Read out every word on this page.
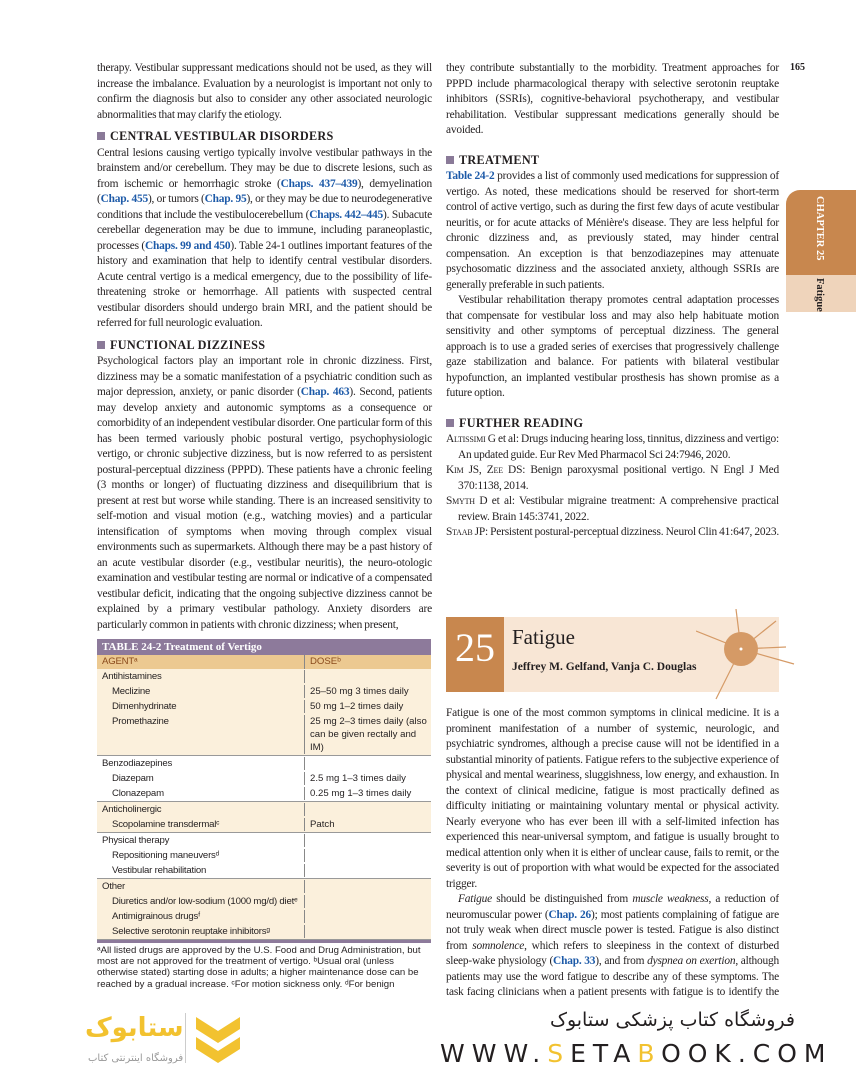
165
CHAPTER 25
Fatigue

therapy. Vestibular suppressant medications should not be used, as they will increase the imbalance. Evaluation by a neurologist is important not only to confirm the diagnosis but also to consider any other associated neurologic abnormalities that may clarify the etiology.

CENTRAL VESTIBULAR DISORDERS

Central lesions causing vertigo typically involve vestibular pathways in the brainstem and/or cerebellum. They may be due to discrete lesions, such as from ischemic or hemorrhagic stroke (Chaps. 437–439), demyelination (Chap. 455), or tumors (Chap. 95), or they may be due to neurodegenerative conditions that include the vestibulocerebellum (Chaps. 442–445). Subacute cerebellar degeneration may be due to immune, including paraneoplastic, processes (Chaps. 99 and 450). Table 24-1 outlines important features of the history and examination that help to identify central vestibular disorders. Acute central vertigo is a medical emergency, due to the possibility of life-threatening stroke or hemorrhage. All patients with suspected central vestibular disorders should undergo brain MRI, and the patient should be referred for full neurologic evaluation.

FUNCTIONAL DIZZINESS

Psychological factors play an important role in chronic dizziness. First, dizziness may be a somatic manifestation of a psychiatric condition such as major depression, anxiety, or panic disorder (Chap. 463). Second, patients may develop anxiety and autonomic symptoms as a consequence or comorbidity of an independent vestibular disorder. One particular form of this has been termed variously phobic postural vertigo, psychophysiologic vertigo, or chronic subjective dizziness, but is now referred to as persistent postural-perceptual dizziness (PPPD). These patients have a chronic feeling (3 months or longer) of fluctuating dizziness and disequilibrium that is present at rest but worse while standing. There is an increased sensitivity to self-motion and visual motion (e.g., watching movies) and a particular intensification of symptoms when moving through complex visual environments such as supermarkets. Although there may be a past history of an acute vestibular disorder (e.g., vestibular neuritis), the neuro-otologic examination and vestibular testing are normal or indicative of a compensated vestibular deficit, indicating that the ongoing subjective dizziness cannot be explained by a primary vestibular pathology. Anxiety disorders are particularly common in patients with chronic dizziness; when present,

they contribute substantially to the morbidity. Treatment approaches for PPPD include pharmacological therapy with selective serotonin reuptake inhibitors (SSRIs), cognitive-behavioral psychotherapy, and vestibular rehabilitation. Vestibular suppressant medications generally should be avoided.

TREATMENT

Table 24-2 provides a list of commonly used medications for suppression of vertigo. As noted, these medications should be reserved for short-term control of active vertigo, such as during the first few days of acute vestibular neuritis, or for acute attacks of Ménière's disease. They are less helpful for chronic dizziness and, as previously stated, may hinder central compensation. An exception is that benzodiazepines may attenuate psychosomatic dizziness and the associated anxiety, although SSRIs are generally preferable in such patients.

Vestibular rehabilitation therapy promotes central adaptation processes that compensate for vestibular loss and may also help habituate motion sensitivity and other symptoms of perceptual dizziness. The general approach is to use a graded series of exercises that progressively challenge gaze stabilization and balance. For patients with bilateral vestibular hypofunction, an implanted vestibular prosthesis has shown promise as a future option.

FURTHER READING

Altissimi G et al: Drugs inducing hearing loss, tinnitus, dizziness and vertigo: An updated guide. Eur Rev Med Pharmacol Sci 24:7946, 2020.

Kim JS, Zee DS: Benign paroxysmal positional vertigo. N Engl J Med 370:1138, 2014.

Smyth D et al: Vestibular migraine treatment: A comprehensive practical review. Brain 145:3741, 2022.

Staab JP: Persistent postural-perceptual dizziness. Neurol Clin 41:647, 2023.

25 Fatigue
Jeffrey M. Gelfand, Vanja C. Douglas

Fatigue is one of the most common symptoms in clinical medicine. It is a prominent manifestation of a number of systemic, neurologic, and psychiatric syndromes, although a precise cause will not be identified in a substantial minority of patients. Fatigue refers to the subjective experience of physical and mental weariness, sluggishness, low energy, and exhaustion. In the context of clinical medicine, fatigue is most practically defined as difficulty initiating or maintaining voluntary mental or physical activity. Nearly everyone who has ever been ill with a self-limited infection has experienced this near-universal symptom, and fatigue is usually brought to medical attention only when it is either of unclear cause, fails to remit, or the severity is out of proportion with what would be expected for the associated trigger.

Fatigue should be distinguished from muscle weakness, a reduction of neuromuscular power (Chap. 26); most patients complaining of fatigue are not truly weak when direct muscle power is tested. Fatigue is also distinct from somnolence, which refers to sleepiness in the context of disturbed sleep-wake physiology (Chap. 33), and from dyspnea on exertion, although patients may use the word fatigue to describe any of these symptoms. The task facing clinicians when a patient presents with fatigue is to identify the

TABLE 24-2 Treatment of Vertigo
AGENTᵃ	DOSEᵇ
Antihistamines
Meclizine	25–50 mg 3 times daily
Dimenhydrinate	50 mg 1–2 times daily
Promethazine	25 mg 2–3 times daily (also can be given rectally and IM)
Benzodiazepines
Diazepam	2.5 mg 1–3 times daily
Clonazepam	0.25 mg 1–3 times daily
Anticholinergic
Scopolamine transdermalᶜ	Patch
Physical therapy
Repositioning maneuversᵈ
Vestibular rehabilitation
Other
Diuretics and/or low-sodium (1000 mg/d) dietᵉ
Antimigrainous drugsᶠ
Selective serotonin reuptake inhibitorsᵍ
ᵃAll listed drugs are approved by the U.S. Food and Drug Administration, but most are not approved for the treatment of vertigo. ᵇUsual oral (unless otherwise stated) starting dose in adults; a higher maintenance dose can be reached by a gradual increase. ᶜFor motion sickness only. ᵈFor benign
ستابوک
فروشگاه اینترنتی کتاب
فروشگاه کتاب پزشکی ستابوک
WWW.SETABOOK.COM
